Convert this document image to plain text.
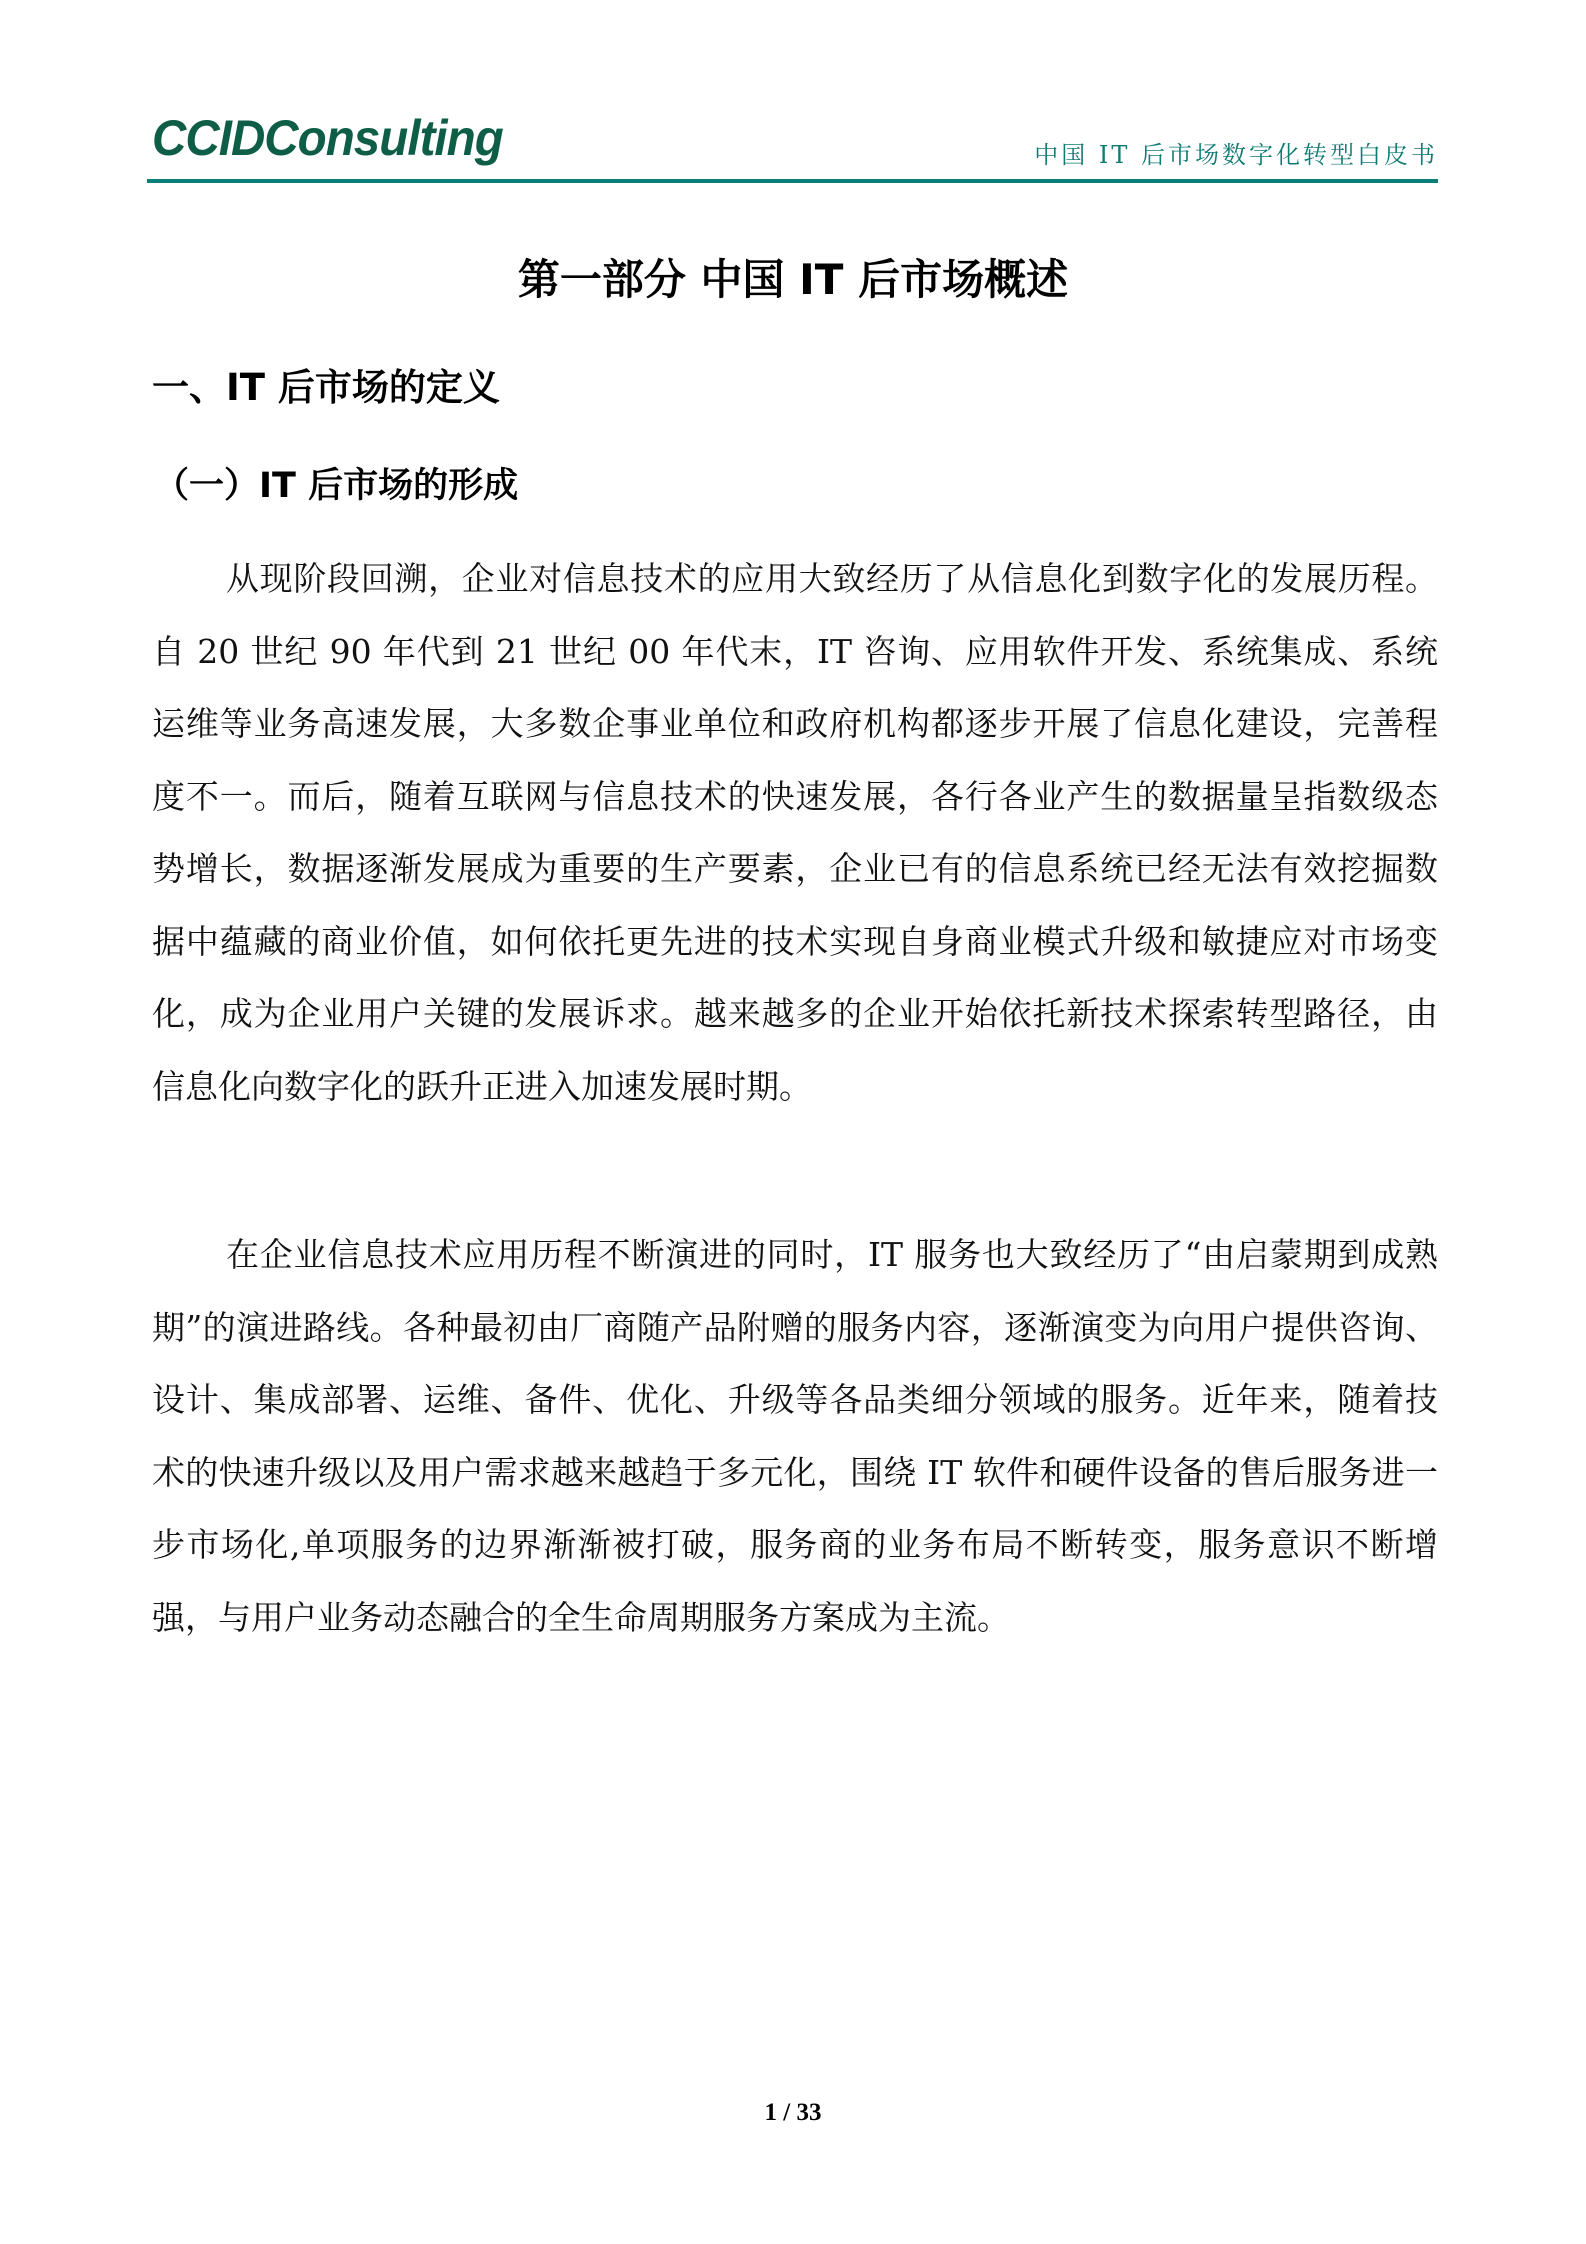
CCIDConsulting	中国 IT 后市场数字化转型白皮书
第一部分 中国 IT 后市场概述
一、IT 后市场的定义
（一）IT 后市场的形成

从现阶段回溯，企业对信息技术的应用大致经历了从信息化到数字化的发展历程。自 20 世纪 90 年代到 21 世纪 00 年代末，IT 咨询、应用软件开发、系统集成、系统运维等业务高速发展，大多数企事业单位和政府机构都逐步开展了信息化建设，完善程度不一。而后，随着互联网与信息技术的快速发展，各行各业产生的数据量呈指数级态势增长，数据逐渐发展成为重要的生产要素，企业已有的信息系统已经无法有效挖掘数据中蕴藏的商业价值，如何依托更先进的技术实现自身商业模式升级和敏捷应对市场变化，成为企业用户关键的发展诉求。越来越多的企业开始依托新技术探索转型路径，由信息化向数字化的跃升正进入加速发展时期。

在企业信息技术应用历程不断演进的同时，IT 服务也大致经历了“由启蒙期到成熟期”的演进路线。各种最初由厂商随产品附赠的服务内容，逐渐演变为向用户提供咨询、设计、集成部署、运维、备件、优化、升级等各品类细分领域的服务。近年来，随着技术的快速升级以及用户需求越来越趋于多元化，围绕 IT 软件和硬件设备的售后服务进一步市场化,单项服务的边界渐渐被打破，服务商的业务布局不断转变，服务意识不断增强，与用户业务动态融合的全生命周期服务方案成为主流。

1 / 33
